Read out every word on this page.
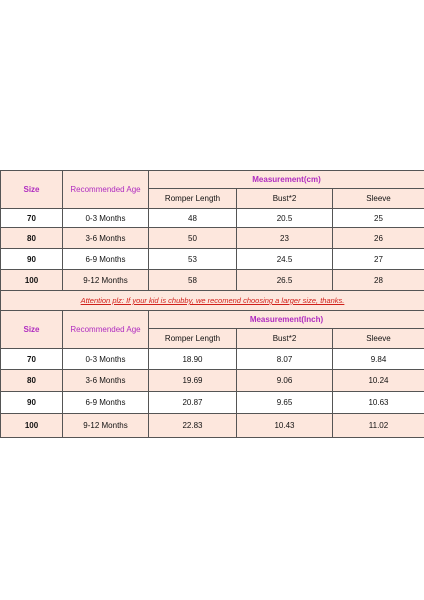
Size	Recommended Age	Measurement(cm)		
		Romper Length	Bust*2	Sleeve
70	0-3 Months	48	20.5	25
80	3-6 Months	50	23	26
90	6-9 Months	53	24.5	27
100	9-12 Months	58	26.5	28
Attention plz: If your kid is chubby, we recomend choosing a larger size, thanks.				
Size	Recommended Age	Measurement(Inch)		
		Romper Length	Bust*2	Sleeve
70	0-3 Months	18.90	8.07	9.84
80	3-6 Months	19.69	9.06	10.24
90	6-9 Months	20.87	9.65	10.63
100	9-12 Months	22.83	10.43	11.02
